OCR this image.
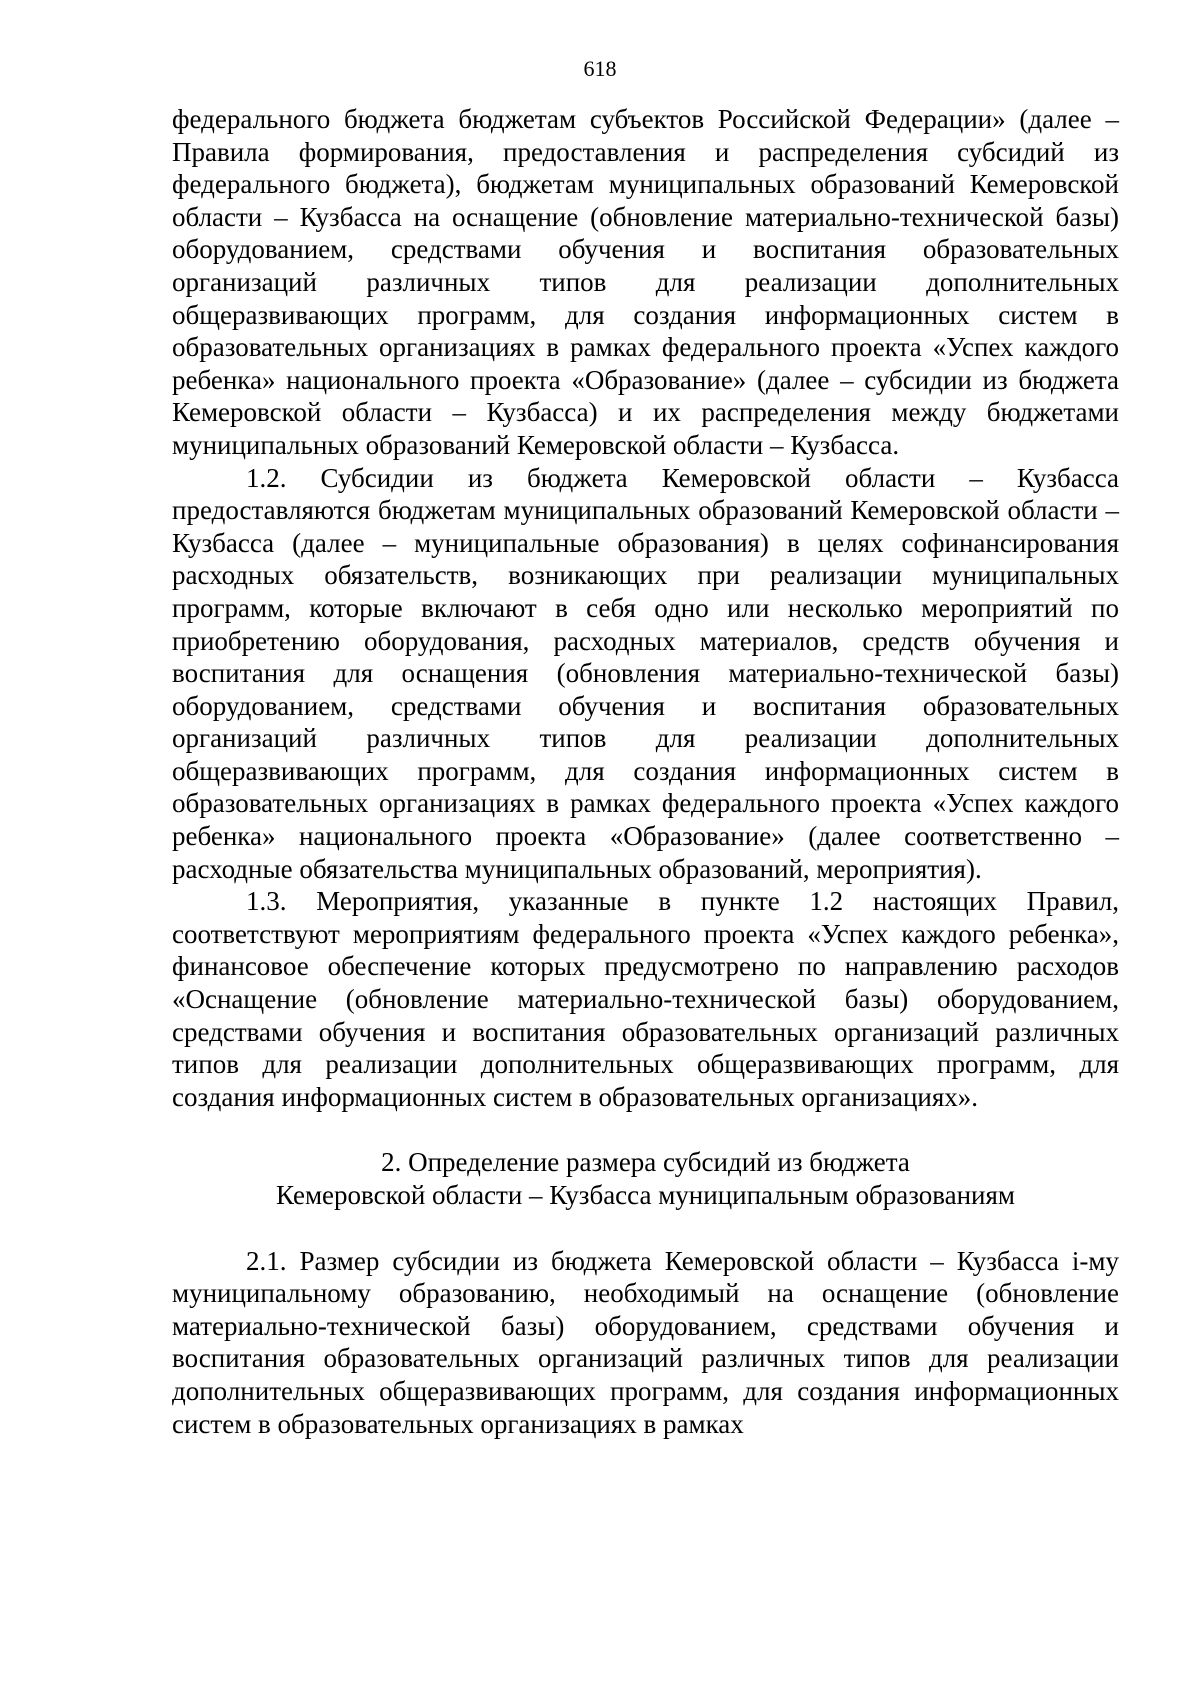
618

федерального бюджета бюджетам субъектов Российской Федерации» (далее – Правила формирования, предоставления и распределения субсидий из федерального бюджета), бюджетам муниципальных образований Кемеровской области – Кузбасса на оснащение (обновление материально-технической базы) оборудованием, средствами обучения и воспитания образовательных организаций различных типов для реализации дополнительных общеразвивающих программ, для создания информационных систем в образовательных организациях в рамках федерального проекта «Успех каждого ребенка» национального проекта «Образование» (далее – субсидии из бюджета Кемеровской области – Кузбасса) и их распределения между бюджетами муниципальных образований Кемеровской области – Кузбасса.

1.2. Субсидии из бюджета Кемеровской области – Кузбасса предоставляются бюджетам муниципальных образований Кемеровской области – Кузбасса (далее – муниципальные образования) в целях софинансирования расходных обязательств, возникающих при реализации муниципальных программ, которые включают в себя одно или несколько мероприятий по приобретению оборудования, расходных материалов, средств обучения и воспитания для оснащения (обновления материально-технической базы) оборудованием, средствами обучения и воспитания образовательных организаций различных типов для реализации дополнительных общеразвивающих программ, для создания информационных систем в образовательных организациях в рамках федерального проекта «Успех каждого ребенка» национального проекта «Образование» (далее соответственно – расходные обязательства муниципальных образований, мероприятия).

1.3. Мероприятия, указанные в пункте 1.2 настоящих Правил, соответствуют мероприятиям федерального проекта «Успех каждого ребенка», финансовое обеспечение которых предусмотрено по направлению расходов «Оснащение (обновление материально-технической базы) оборудованием, средствами обучения и воспитания образовательных организаций различных типов для реализации дополнительных общеразвивающих программ, для создания информационных систем в образовательных организациях».

2. Определение размера субсидий из бюджета

Кемеровской области – Кузбасса муниципальным образованиям

2.1. Размер субсидии из бюджета Кемеровской области – Кузбасса i-му муниципальному образованию, необходимый на оснащение (обновление материально-технической базы) оборудованием, средствами обучения и воспитания образовательных организаций различных типов для реализации дополнительных общеразвивающих программ, для создания информационных систем в образовательных организациях в рамках
